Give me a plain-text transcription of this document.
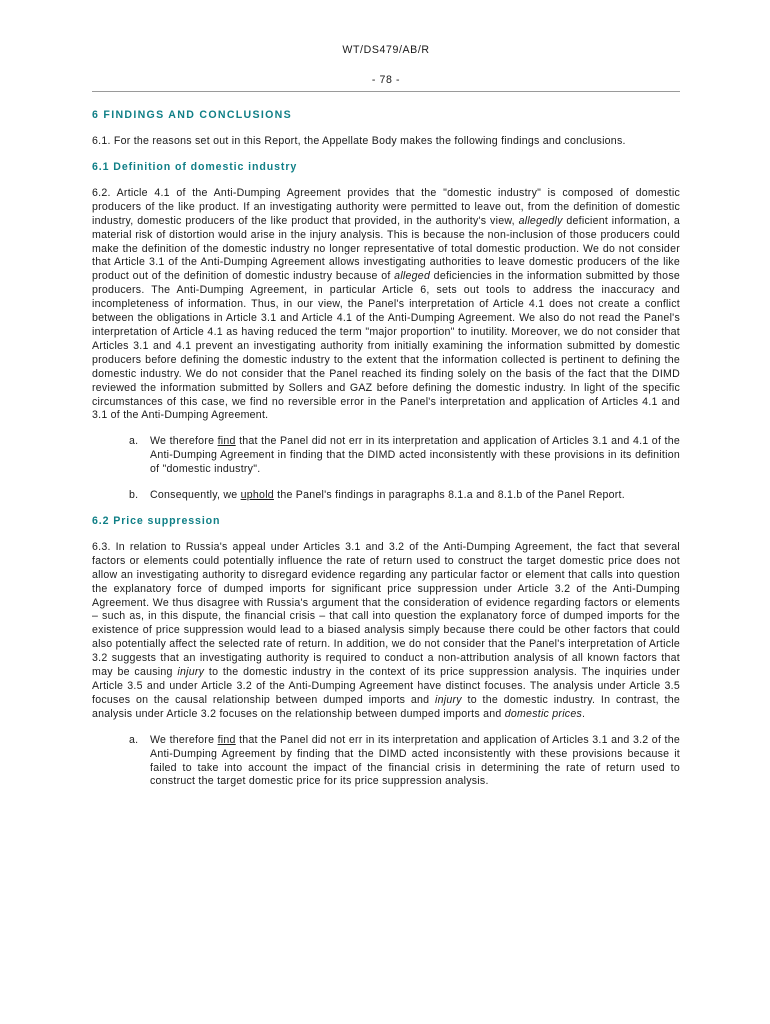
WT/DS479/AB/R
- 78 -
6 FINDINGS AND CONCLUSIONS
6.1. For the reasons set out in this Report, the Appellate Body makes the following findings and conclusions.
6.1 Definition of domestic industry
6.2. Article 4.1 of the Anti-Dumping Agreement provides that the "domestic industry" is composed of domestic producers of the like product. If an investigating authority were permitted to leave out, from the definition of domestic industry, domestic producers of the like product that provided, in the authority's view, allegedly deficient information, a material risk of distortion would arise in the injury analysis. This is because the non-inclusion of those producers could make the definition of the domestic industry no longer representative of total domestic production. We do not consider that Article 3.1 of the Anti-Dumping Agreement allows investigating authorities to leave domestic producers of the like product out of the definition of domestic industry because of alleged deficiencies in the information submitted by those producers. The Anti-Dumping Agreement, in particular Article 6, sets out tools to address the inaccuracy and incompleteness of information. Thus, in our view, the Panel's interpretation of Article 4.1 does not create a conflict between the obligations in Article 3.1 and Article 4.1 of the Anti-Dumping Agreement. We also do not read the Panel's interpretation of Article 4.1 as having reduced the term "major proportion" to inutility. Moreover, we do not consider that Articles 3.1 and 4.1 prevent an investigating authority from initially examining the information submitted by domestic producers before defining the domestic industry to the extent that the information collected is pertinent to defining the domestic industry. We do not consider that the Panel reached its finding solely on the basis of the fact that the DIMD reviewed the information submitted by Sollers and GAZ before defining the domestic industry. In light of the specific circumstances of this case, we find no reversible error in the Panel's interpretation and application of Articles 4.1 and 3.1 of the Anti-Dumping Agreement.
a. We therefore find that the Panel did not err in its interpretation and application of Articles 3.1 and 4.1 of the Anti-Dumping Agreement in finding that the DIMD acted inconsistently with these provisions in its definition of "domestic industry".
b. Consequently, we uphold the Panel's findings in paragraphs 8.1.a and 8.1.b of the Panel Report.
6.2 Price suppression
6.3. In relation to Russia's appeal under Articles 3.1 and 3.2 of the Anti-Dumping Agreement, the fact that several factors or elements could potentially influence the rate of return used to construct the target domestic price does not allow an investigating authority to disregard evidence regarding any particular factor or element that calls into question the explanatory force of dumped imports for significant price suppression under Article 3.2 of the Anti-Dumping Agreement. We thus disagree with Russia's argument that the consideration of evidence regarding factors or elements – such as, in this dispute, the financial crisis – that call into question the explanatory force of dumped imports for the existence of price suppression would lead to a biased analysis simply because there could be other factors that could also potentially affect the selected rate of return. In addition, we do not consider that the Panel's interpretation of Article 3.2 suggests that an investigating authority is required to conduct a non-attribution analysis of all known factors that may be causing injury to the domestic industry in the context of its price suppression analysis. The inquiries under Article 3.5 and under Article 3.2 of the Anti-Dumping Agreement have distinct focuses. The analysis under Article 3.5 focuses on the causal relationship between dumped imports and injury to the domestic industry. In contrast, the analysis under Article 3.2 focuses on the relationship between dumped imports and domestic prices.
a. We therefore find that the Panel did not err in its interpretation and application of Articles 3.1 and 3.2 of the Anti-Dumping Agreement by finding that the DIMD acted inconsistently with these provisions because it failed to take into account the impact of the financial crisis in determining the rate of return used to construct the target domestic price for its price suppression analysis.
